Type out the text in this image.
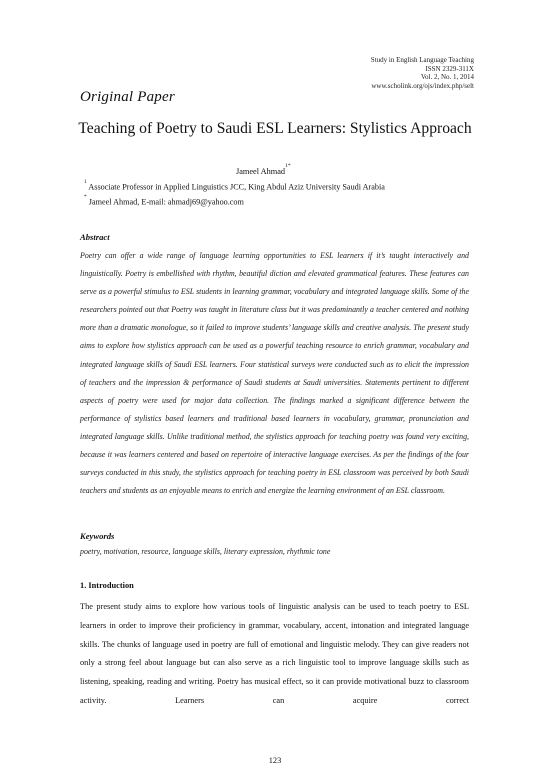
Study in English Language Teaching
ISSN 2329-311X
Vol. 2, No. 1, 2014
www.scholink.org/ojs/index.php/selt
Original Paper
Teaching of Poetry to Saudi ESL Learners: Stylistics Approach
Jameel Ahmad$^{1*}$
$^1$ Associate Professor in Applied Linguistics JCC, King Abdul Aziz University Saudi Arabia
* Jameel Ahmad, E-mail: ahmadj69@yahoo.com
Abstract
Poetry can offer a wide range of language learning opportunities to ESL learners if it’s taught interactively and linguistically. Poetry is embellished with rhythm, beautiful diction and elevated grammatical features. These features can serve as a powerful stimulus to ESL students in learning grammar, vocabulary and integrated language skills. Some of the researchers pointed out that Poetry was taught in literature class but it was predominantly a teacher centered and nothing more than a dramatic monologue, so it failed to improve students’ language skills and creative analysis. The present study aims to explore how stylistics approach can be used as a powerful teaching resource to enrich grammar, vocabulary and integrated language skills of Saudi ESL learners. Four statistical surveys were conducted such as to elicit the impression of teachers and the impression & performance of Saudi students at Saudi universities. Statements pertinent to different aspects of poetry were used for major data collection. The findings marked a significant difference between the performance of stylistics based learners and traditional based learners in vocabulary, grammar, pronunciation and integrated language skills. Unlike traditional method, the stylistics approach for teaching poetry was found very exciting, because it was learners centered and based on repertoire of interactive language exercises. As per the findings of the four surveys conducted in this study, the stylistics approach for teaching poetry in ESL classroom was perceived by both Saudi teachers and students as an enjoyable means to enrich and energize the learning environment of an ESL classroom.
Keywords
poetry, motivation, resource, language skills, literary expression, rhythmic tone
1. Introduction
The present study aims to explore how various tools of linguistic analysis can be used to teach poetry to ESL learners in order to improve their proficiency in grammar, vocabulary, accent, intonation and integrated language skills. The chunks of language used in poetry are full of emotional and linguistic melody. They can give readers not only a strong feel about language but can also serve as a rich linguistic tool to improve language skills such as listening, speaking, reading and writing. Poetry has musical effect, so it can provide motivational buzz to classroom activity. Learners can acquire correct
123
